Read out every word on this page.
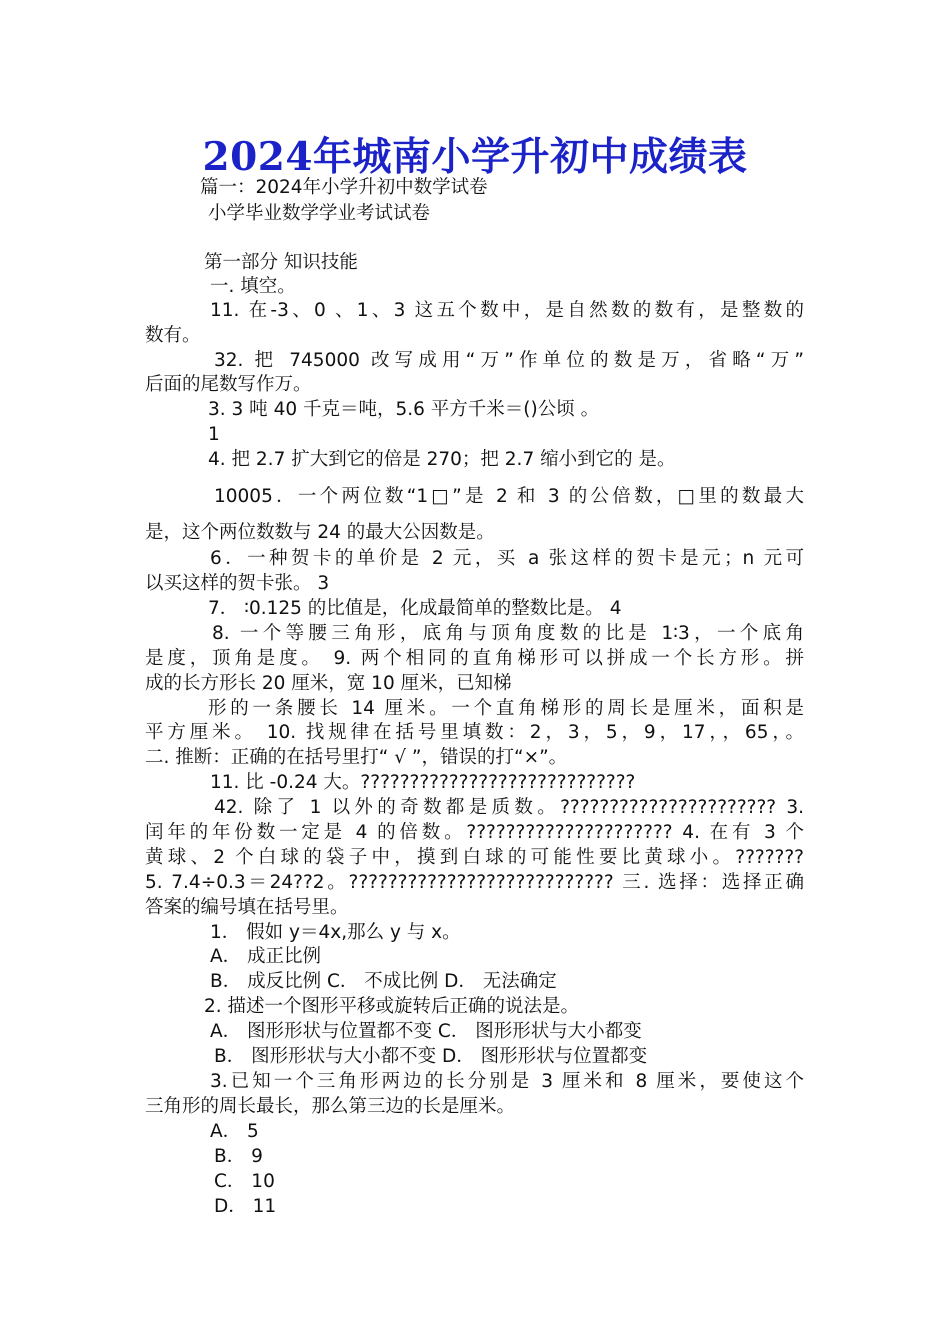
2024年城南小学升初中成绩表
篇一：2024年小学升初中数学试卷
小学毕业数学学业考试试卷
第一部分 知识技能
一. 填空。
11. 在-3、0 、1、3 这五个数中，是自然数的数有，是整数的
数有。
32. 把 745000 改写成用“万”作单位的数是万，省略“万”
后面的尾数写作万。
3. 3 吨 40 千克＝吨，5.6 平方千米＝()公顷 。
1
4. 把 2.7 扩大到它的倍是 270；把 2.7 缩小到它的 是。
10005．一个两位数“1□”是 2 和 3 的公倍数，□里的数最大
是，这个两位数数与 24 的最大公因数是。
6．一种贺卡的单价是 2 元，买 a 张这样的贺卡是元；n 元可
以买这样的贺卡张。 3
7． ∶0.125 的比值是，化成最简单的整数比是。 4
8. 一个等腰三角形，底角与顶角度数的比是 1∶3，一个底角
是度，顶角是度。 9. 两个相同的直角梯形可以拼成一个长方形。拼
成的长方形长 20 厘米，宽 10 厘米，已知梯
形的一条腰长 14 厘米。一个直角梯形的周长是厘米，面积是
平方厘米。 10. 找规律在括号里填数：2，3，5，9，17，，65，。
二. 推断：正确的在括号里打“ √ ”，错误的打“×”。
11. 比 -0.24 大。????????????????????????????
42. 除了 1 以外的奇数都是质数。?????????????????????? 3.
闰年的年份数一定是 4 的倍数。????????????????????? 4. 在有 3 个
黄球、2 个白球的袋子中，摸到白球的可能性要比黄球小。???????
5. 7.4÷0.3＝24??2。??????????????????????????? 三. 选择：选择正确
答案的编号填在括号里。
1． 假如 y＝4x,那么 y 与 x。
A． 成正比例
B． 成反比例 C． 不成比例 D． 无法确定
2. 描述一个图形平移或旋转后正确的说法是。
A． 图形形状与位置都不变 C． 图形形状与大小都变
B． 图形形状与大小都不变 D． 图形形状与位置都变
3.已知一个三角形两边的长分别是 3 厘米和 8 厘米，要使这个
三角形的周长最长，那么第三边的长是厘米。
A． 5
B． 9
C． 10
D． 11
